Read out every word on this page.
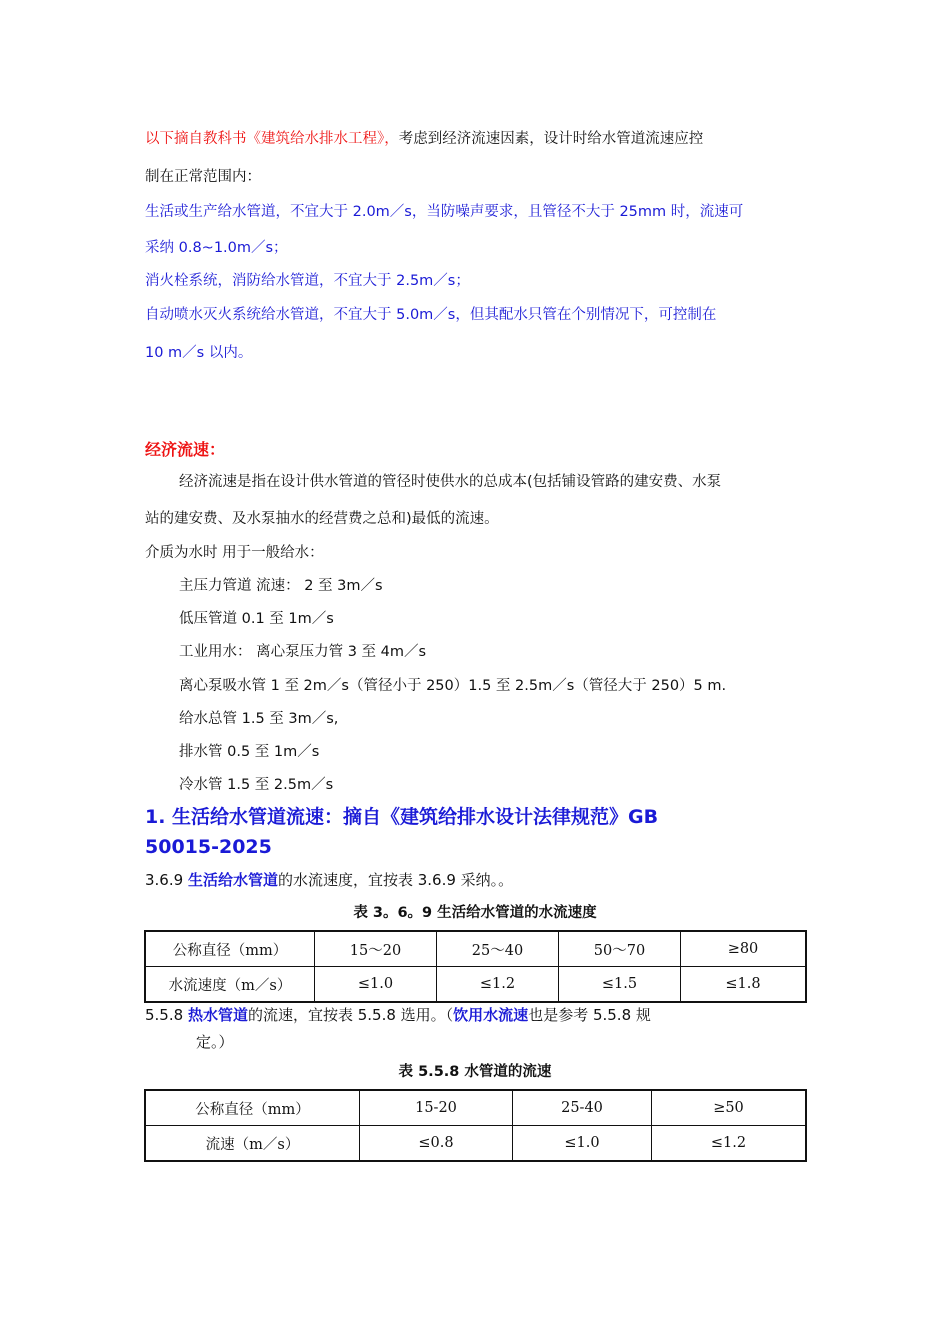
以下摘自教科书《建筑给水排水工程》，考虑到经济流速因素，设计时给水管道流速应控
制在正常范围内：
生活或生产给水管道，不宜大于 2.0m／s，当防噪声要求，且管径不大于 25mm 时，流速可
采纳 0.8~1.0m／s；
消火栓系统，消防给水管道，不宜大于 2.5m／s；
自动喷水灭火系统给水管道，不宜大于 5.0m／s，但其配水只管在个别情况下，可控制在
10 m／s 以内。
经济流速：
经济流速是指在设计供水管道的管径时使供水的总成本(包括铺设管路的建安费、水泵
站的建安费、及水泵抽水的经营费之总和)最低的流速。
介质为水时 用于一般给水：
主压力管道 流速： 2 至 3m／s
低压管道 0.1 至 1m／s
工业用水： 离心泵压力管 3 至 4m／s
离心泵吸水管 1 至 2m／s（管径小于 250）1.5 至 2.5m／s（管径大于 250）5 m.
给水总管 1.5 至 3m／s,
排水管 0.5 至 1m／s
冷水管 1.5 至 2.5m／s
1. 生活给水管道流速：摘自《建筑给排水设计法律规范》GB
50015-2025
3.6.9 生活给水管道的水流速度，宜按表 3.6.9 采纳。。
表 3。6。9 生活给水管道的水流速度
公称直径（mm）	15～20	25～40	50～70	≥80
水流速度（m／s）	≤1.0	≤1.2	≤1.5	≤1.8
5.5.8 热水管道的流速，宜按表 5.5.8 选用。（饮用水流速也是参考 5.5.8 规
定。）
表 5.5.8 水管道的流速
公称直径（mm）	15-20	25-40	≥50
流速（m／s）	≤0.8	≤1.0	≤1.2
